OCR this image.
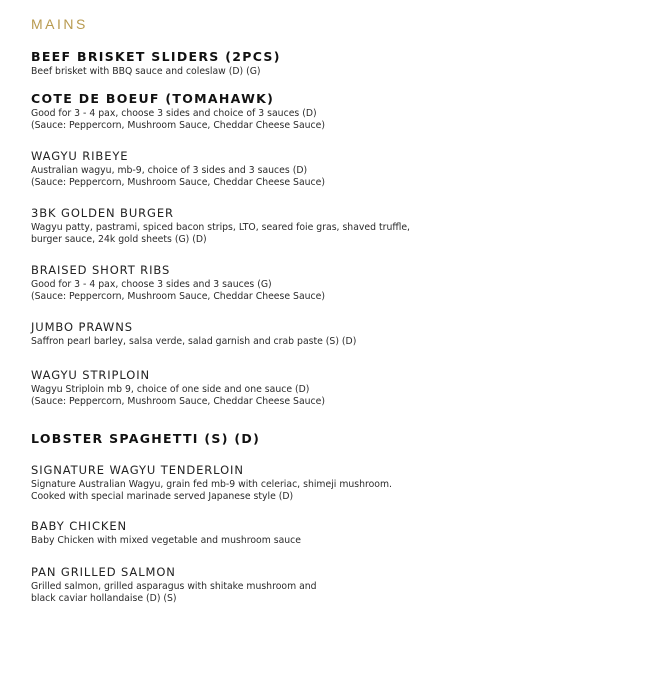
MAINS
BEEF BRISKET SLIDERS (2PCS)
Beef brisket with BBQ sauce and coleslaw (D) (G)
COTE DE BOEUF (TOMAHAWK)
Good for 3 - 4 pax, choose 3 sides and choice of 3 sauces (D)
(Sauce: Peppercorn, Mushroom Sauce, Cheddar Cheese Sauce)
WAGYU RIBEYE
Australian wagyu, mb-9, choice of 3 sides and 3 sauces (D)
(Sauce: Peppercorn, Mushroom Sauce, Cheddar Cheese Sauce)
3BK GOLDEN BURGER
Wagyu patty, pastrami, spiced bacon strips, LTO, seared foie gras, shaved truffle,
burger sauce, 24k gold sheets (G) (D)
BRAISED SHORT RIBS
Good for 3 - 4 pax, choose 3 sides and 3 sauces (G)
(Sauce: Peppercorn, Mushroom Sauce, Cheddar Cheese Sauce)
JUMBO PRAWNS
Saffron pearl barley, salsa verde, salad garnish and crab paste (S) (D)
WAGYU STRIPLOIN
Wagyu Striploin mb 9, choice of one side and one sauce (D)
(Sauce: Peppercorn, Mushroom Sauce, Cheddar Cheese Sauce)
LOBSTER SPAGHETTI (S) (D)
SIGNATURE WAGYU TENDERLOIN
Signature Australian Wagyu, grain fed mb-9 with celeriac, shimeji mushroom.
Cooked with special marinade served Japanese style (D)
BABY CHICKEN
Baby Chicken with mixed vegetable and mushroom sauce
PAN GRILLED SALMON
Grilled salmon, grilled asparagus with shitake mushroom and
black caviar hollandaise (D) (S)
